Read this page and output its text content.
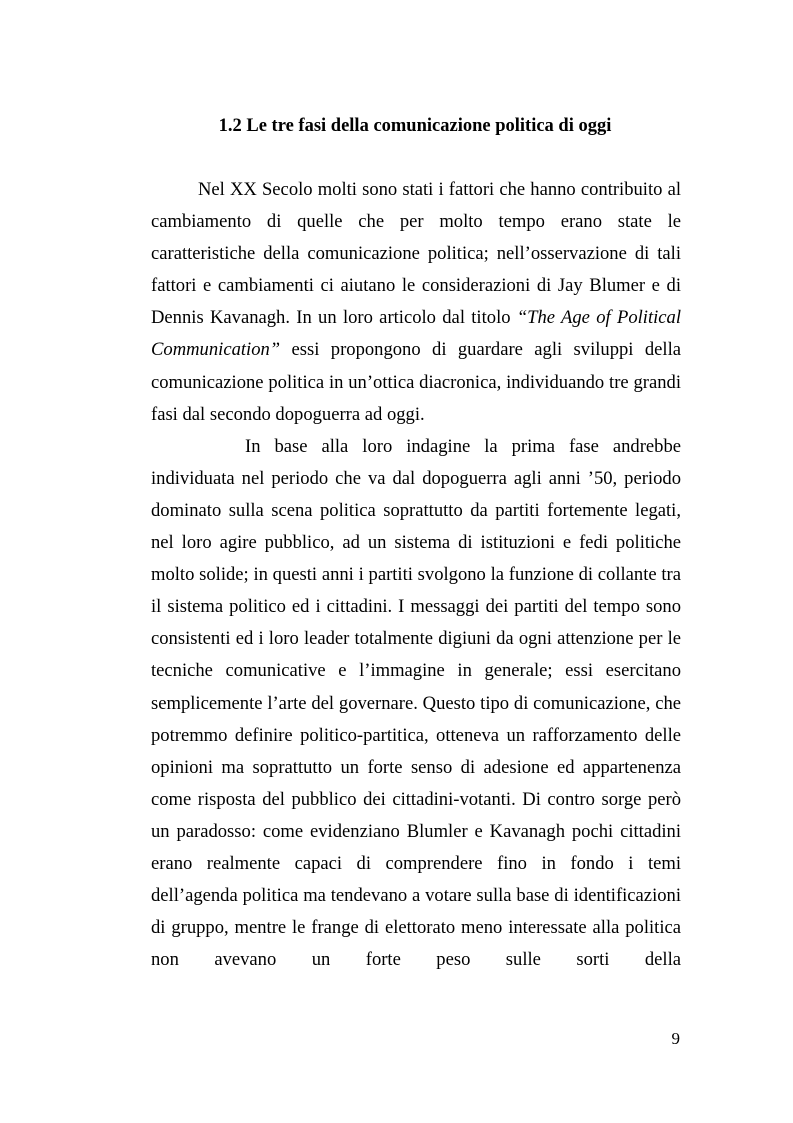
1.2 Le tre fasi della comunicazione politica di oggi

Nel XX Secolo molti sono stati i fattori che hanno contribuito al cambiamento di quelle che per molto tempo erano state le caratteristiche della comunicazione politica; nell’osservazione di tali fattori e cambiamenti ci aiutano le considerazioni di Jay Blumer e di Dennis Kavanagh. In un loro articolo dal titolo “The Age of Political Communication” essi propongono di guardare agli sviluppi della comunicazione politica in un’ottica diacronica, individuando tre grandi fasi dal secondo dopoguerra ad oggi.

In base alla loro indagine la prima fase andrebbe individuata nel periodo che va dal dopoguerra agli anni ’50, periodo dominato sulla scena politica soprattutto da partiti fortemente legati, nel loro agire pubblico, ad un sistema di istituzioni e fedi politiche molto solide; in questi anni i partiti svolgono la funzione di collante tra il sistema politico ed i cittadini. I messaggi dei partiti del tempo sono consistenti ed i loro leader totalmente digiuni da ogni attenzione per le tecniche comunicative e l’immagine in generale; essi esercitano semplicemente l’arte del governare. Questo tipo di comunicazione, che potremmo definire politico-partitica, otteneva un rafforzamento delle opinioni ma soprattutto un forte senso di adesione ed appartenenza come risposta del pubblico dei cittadini-votanti. Di contro sorge però un paradosso: come evidenziano Blumler e Kavanagh pochi cittadini erano realmente capaci di comprendere fino in fondo i temi dell’agenda politica ma tendevano a votare sulla base di identificazioni di gruppo, mentre le frange di elettorato meno interessate alla politica non avevano un forte peso sulle sorti della

9
